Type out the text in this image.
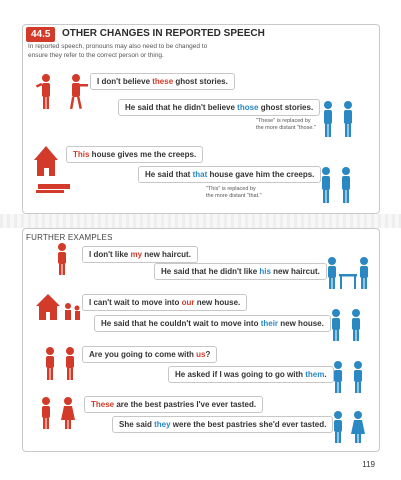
44.5	OTHER CHANGES IN REPORTED SPEECH
In reported speech, pronouns may also need to be changed to ensure they refer to the correct person or thing.
I don't believe these ghost stories.
He said that he didn't believe those ghost stories.
"These" is replaced by
the more distant "those."
This house gives me the creeps.
He said that that house gave him the creeps.
"This" is replaced by
the more distant "that."
FURTHER EXAMPLES
I don't like my new haircut.
He said that he didn't like his new haircut.
I can't wait to move into our new house.
He said that he couldn't wait to move into their new house.
Are you going to come with us?
He asked if I was going to go with them.
These are the best pastries I've ever tasted.
She said they were the best pastries she'd ever tasted.
119
